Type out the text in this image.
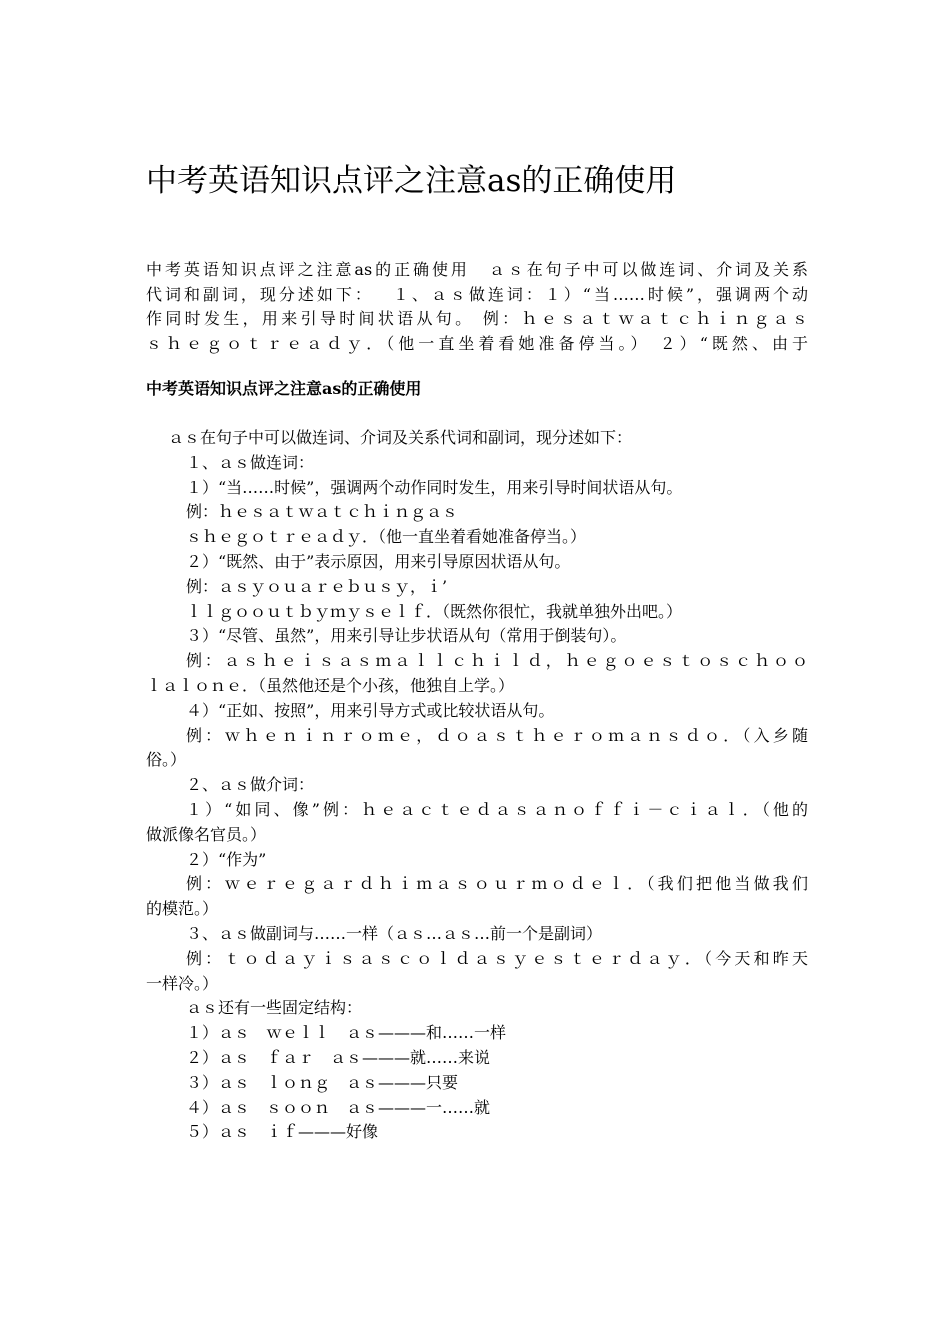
中考英语知识点评之注意as的正确使用
中考英语知识点评之注意as的正确使用　ａｓ在句子中可以做连词、介词及关系
代词和副词，现分述如下：　 １、ａｓ做连词：１）“当……时候”，强调两个动
作同时发生，用来引导时间状语从句。 例：ｈｅｓａｔｗａｔｃｈｉｎｇａｓ
ｓｈｅｇｏｔｒｅａｄｙ．（他一直坐着看她准备停当。） ２）“既然、由于
中考英语知识点评之注意as的正确使用
ａｓ在句子中可以做连词、介词及关系代词和副词，现分述如下：
１、ａｓ做连词：
１）“当……时候”，强调两个动作同时发生，用来引导时间状语从句。
例：ｈｅｓａｔｗａｔｃｈｉｎｇａｓ
ｓｈｅｇｏｔｒｅａｄｙ．（他一直坐着看她准备停当。）
２）“既然、由于”表示原因，用来引导原因状语从句。
例：ａｓｙｏｕａｒｅｂｕｓｙ，ｉ’
ｌｌｇｏｏｕｔｂｙｍｙｓｅｌｆ．（既然你很忙，我就单独外出吧。）
３）“尽管、虽然”，用来引导让步状语从句（常用于倒装句）。
例：ａｓｈｅｉｓａｓｍａｌｌｃｈｉｌｄ，ｈｅｇｏｅｓｔｏｓｃｈｏｏ
ｌａｌｏｎｅ．（虽然他还是个小孩，他独自上学。）
４）“正如、按照”，用来引导方式或比较状语从句。
例：ｗｈｅｎｉｎｒｏｍｅ，ｄｏａｓｔｈｅｒｏｍａｎｓｄｏ．（入乡随
俗。）
２、ａｓ做介词：
１）“如同、像”例：ｈｅａｃｔｅｄａｓａｎｏｆｆｉ－ｃｉａｌ．（他的
做派像名官员。）
２）“作为”
例：ｗｅｒｅｇａｒｄｈｉｍａｓｏｕｒｍｏｄｅｌ．（我们把他当做我们
的模范。）
３、ａｓ做副词与……一样（ａｓ…ａｓ…前一个是副词）
例：ｔｏｄａｙｉｓａｓｃｏｌｄａｓｙｅｓｔｅｒｄａｙ．（今天和昨天
一样冷。）
ａｓ还有一些固定结构：
１）ａｓ　ｗｅｌｌ　ａｓ———和……一样
２）ａｓ　ｆａｒ　ａｓ———就……来说
３）ａｓ　ｌｏｎｇ　ａｓ———只要
４）ａｓ　ｓｏｏｎ　ａｓ———一……就
５）ａｓ　ｉｆ———好像
